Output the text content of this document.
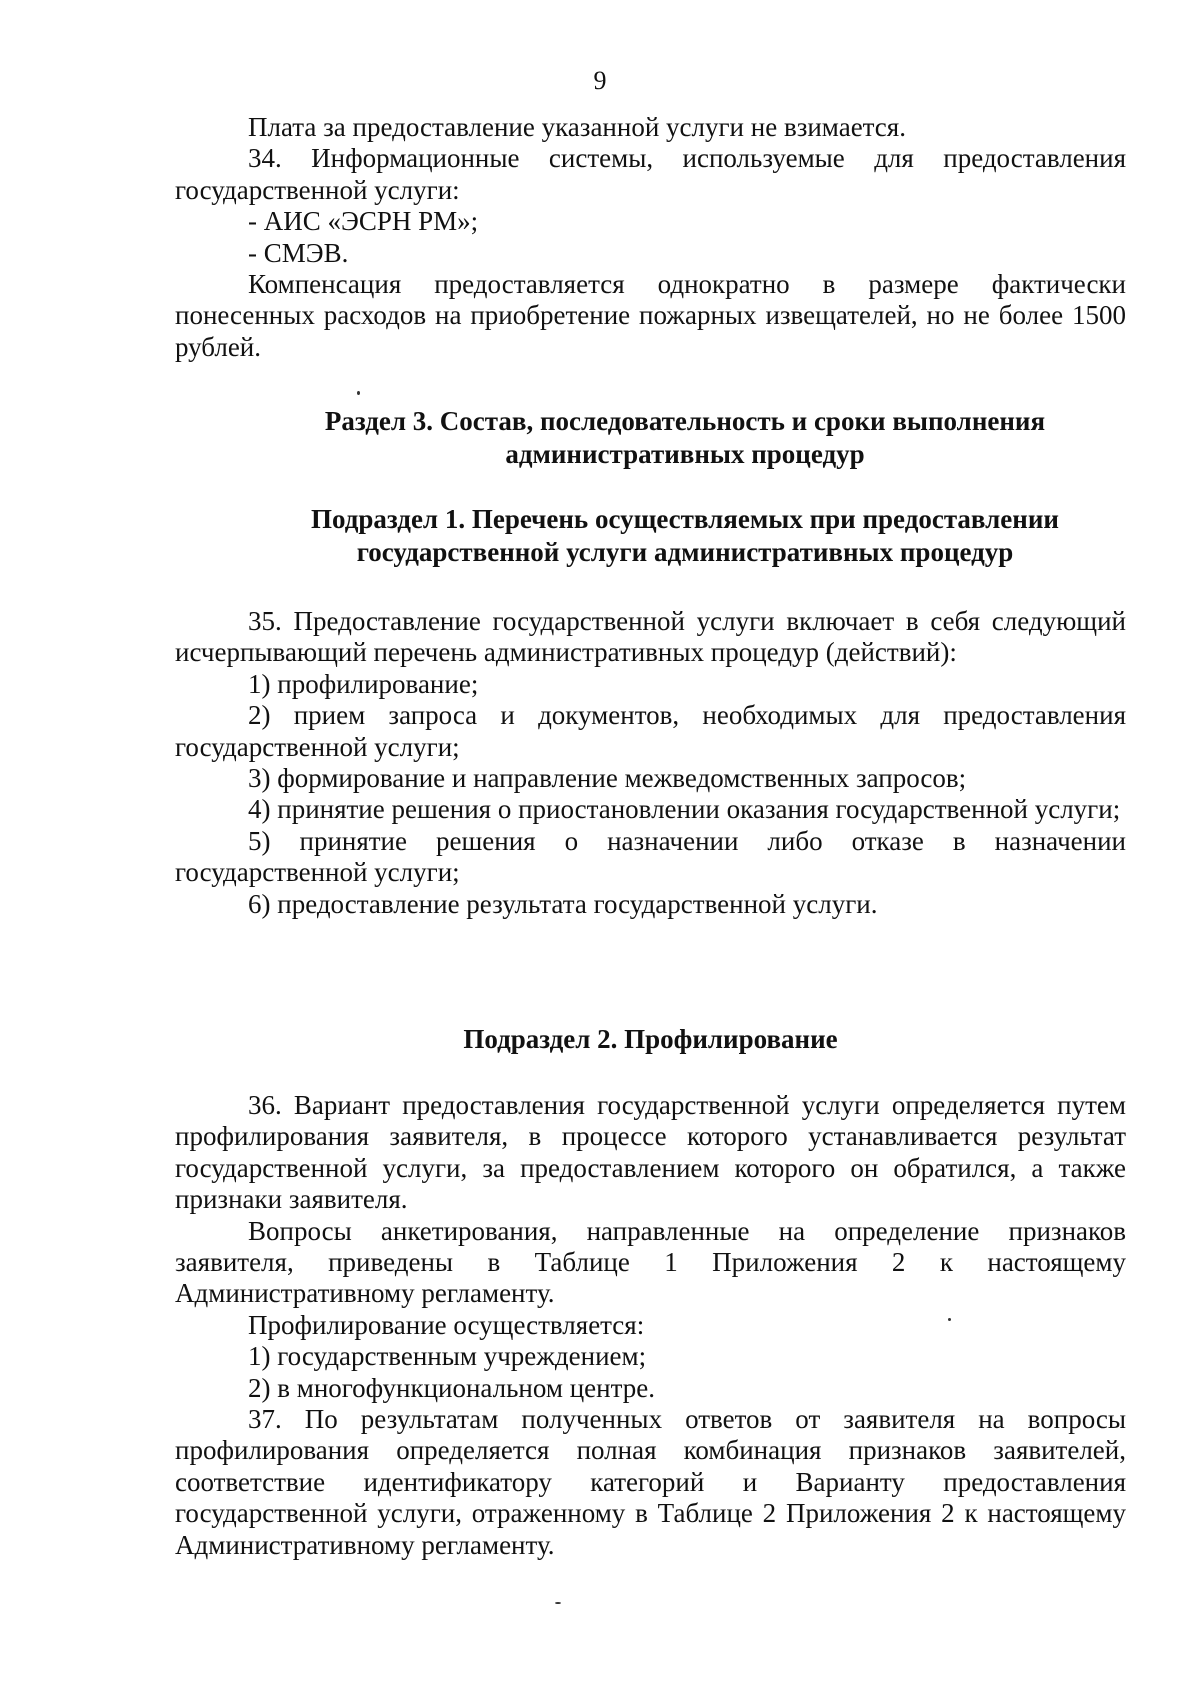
9

Плата за предоставление указанной услуги не взимается.

34. Информационные системы, используемые для предоставления государственной услуги:

- АИС «ЭСРН РМ»;

- СМЭВ.

Компенсация предоставляется однократно в размере фактически понесенных расходов на приобретение пожарных извещателей, но не более 1500 рублей.

Раздел 3. Состав, последовательность и сроки выполнения

административных процедур

Подраздел 1. Перечень осуществляемых при предоставлении

государственной услуги административных процедур

35. Предоставление государственной услуги включает в себя следующий исчерпывающий перечень административных процедур (действий):

1) профилирование;

2) прием запроса и документов, необходимых для предоставления государственной услуги;

3) формирование и направление межведомственных запросов;

4) принятие решения о приостановлении оказания государственной услуги;

5) принятие решения о назначении либо отказе в назначении государственной услуги;

6) предоставление результата государственной услуги.

Подраздел 2. Профилирование

36. Вариант предоставления государственной услуги определяется путем профилирования заявителя, в процессе которого устанавливается результат государственной услуги, за предоставлением которого он обратился, а также признаки заявителя.

Вопросы анкетирования, направленные на определение признаков заявителя, приведены в Таблице 1 Приложения 2 к настоящему Административному регламенту.

Профилирование осуществляется:

1) государственным учреждением;

2) в многофункциональном центре.

37. По результатам полученных ответов от заявителя на вопросы профилирования определяется полная комбинация признаков заявителей, соответствие идентификатору категорий и Варианту предоставления государственной услуги, отраженному в Таблице 2 Приложения 2 к настоящему Административному регламенту.
